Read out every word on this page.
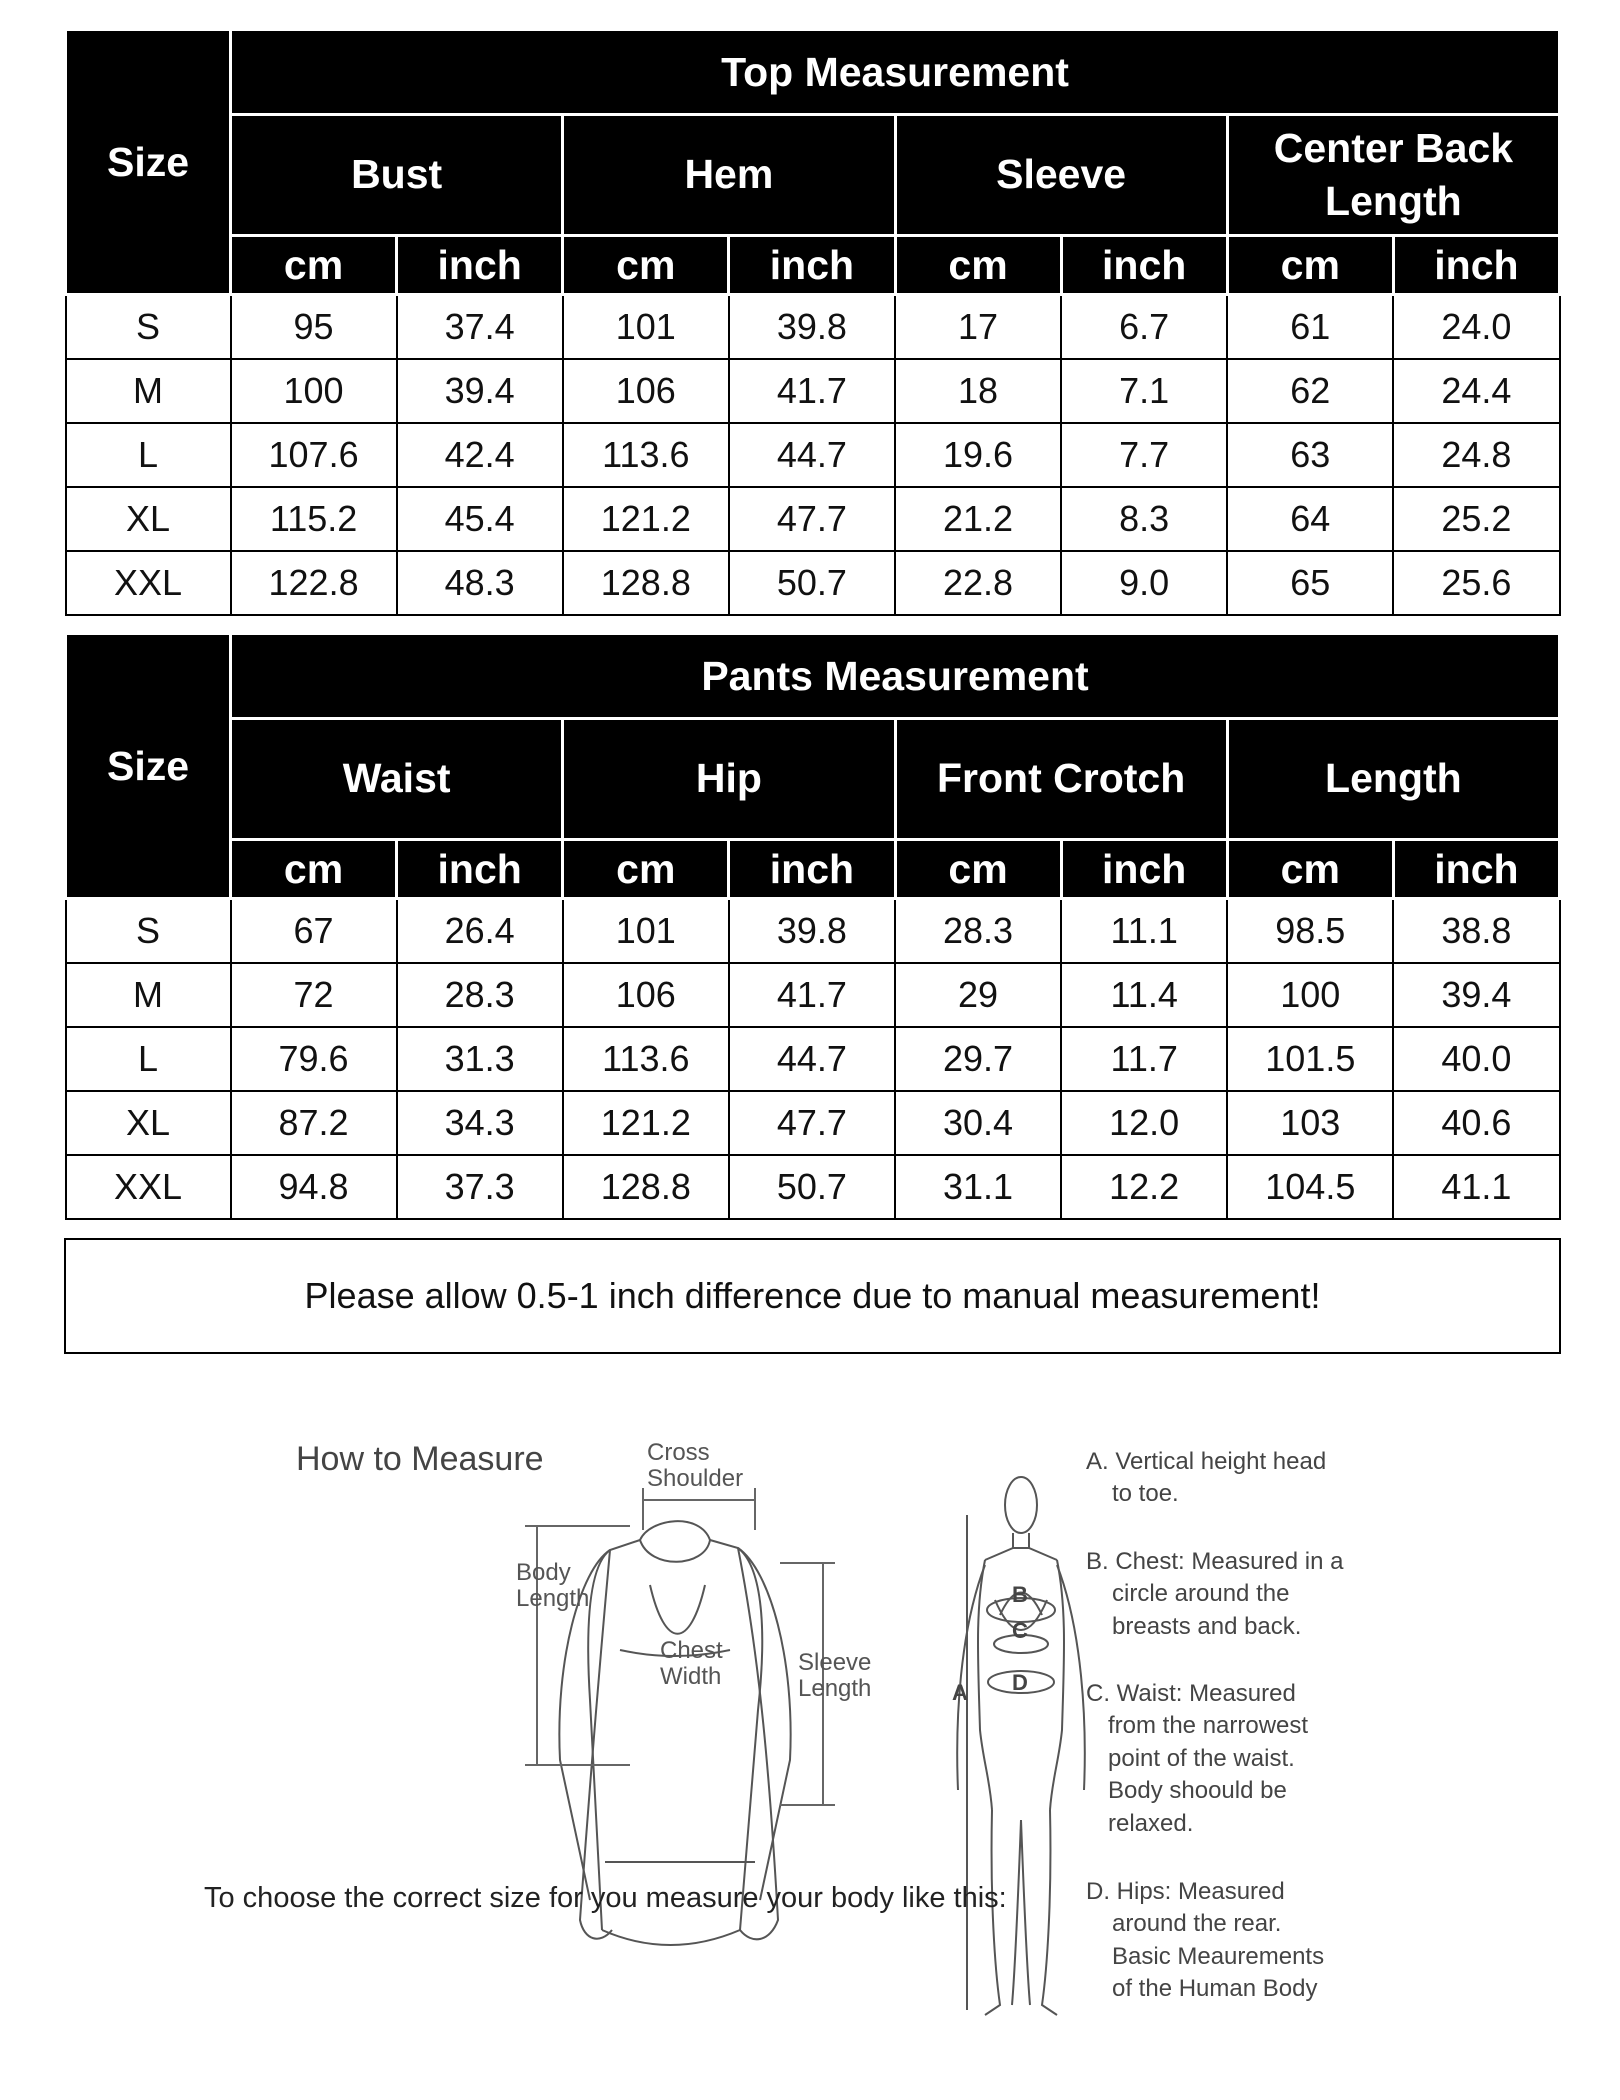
Size	Top Measurement							
	Bust		Hem		Sleeve		Center Back Length	
	cm	inch	cm	inch	cm	inch	cm	inch
S	95	37.4	101	39.8	17	6.7	61	24.0
M	100	39.4	106	41.7	18	7.1	62	24.4
L	107.6	42.4	113.6	44.7	19.6	7.7	63	24.8
XL	115.2	45.4	121.2	47.7	21.2	8.3	64	25.2
XXL	122.8	48.3	128.8	50.7	22.8	9.0	65	25.6
Size	Pants Measurement							
	Waist		Hip		Front Crotch		Length	
	cm	inch	cm	inch	cm	inch	cm	inch
S	67	26.4	101	39.8	28.3	11.1	98.5	38.8
M	72	28.3	106	41.7	29	11.4	100	39.4
L	79.6	31.3	113.6	44.7	29.7	11.7	101.5	40.0
XL	87.2	34.3	121.2	47.7	30.4	12.0	103	40.6
XXL	94.8	37.3	128.8	50.7	31.1	12.2	104.5	41.1
Please allow 0.5-1 inch difference due to manual measurement!
How to Measure	Cross
Shoulder
Body
Length
Chest
Width
Sleeve
Length	A
B
C
D
A. Vertical height head
to toe.
B. Chest: Measured in a
circle around the
breasts and back.
C. Waist: Measured
from the narrowest
point of the waist.
Body shoould be
relaxed.
D. Hips: Measured
around the rear.
Basic Meaurements
of the Human Body
To choose the correct size for you measure your body like this:
